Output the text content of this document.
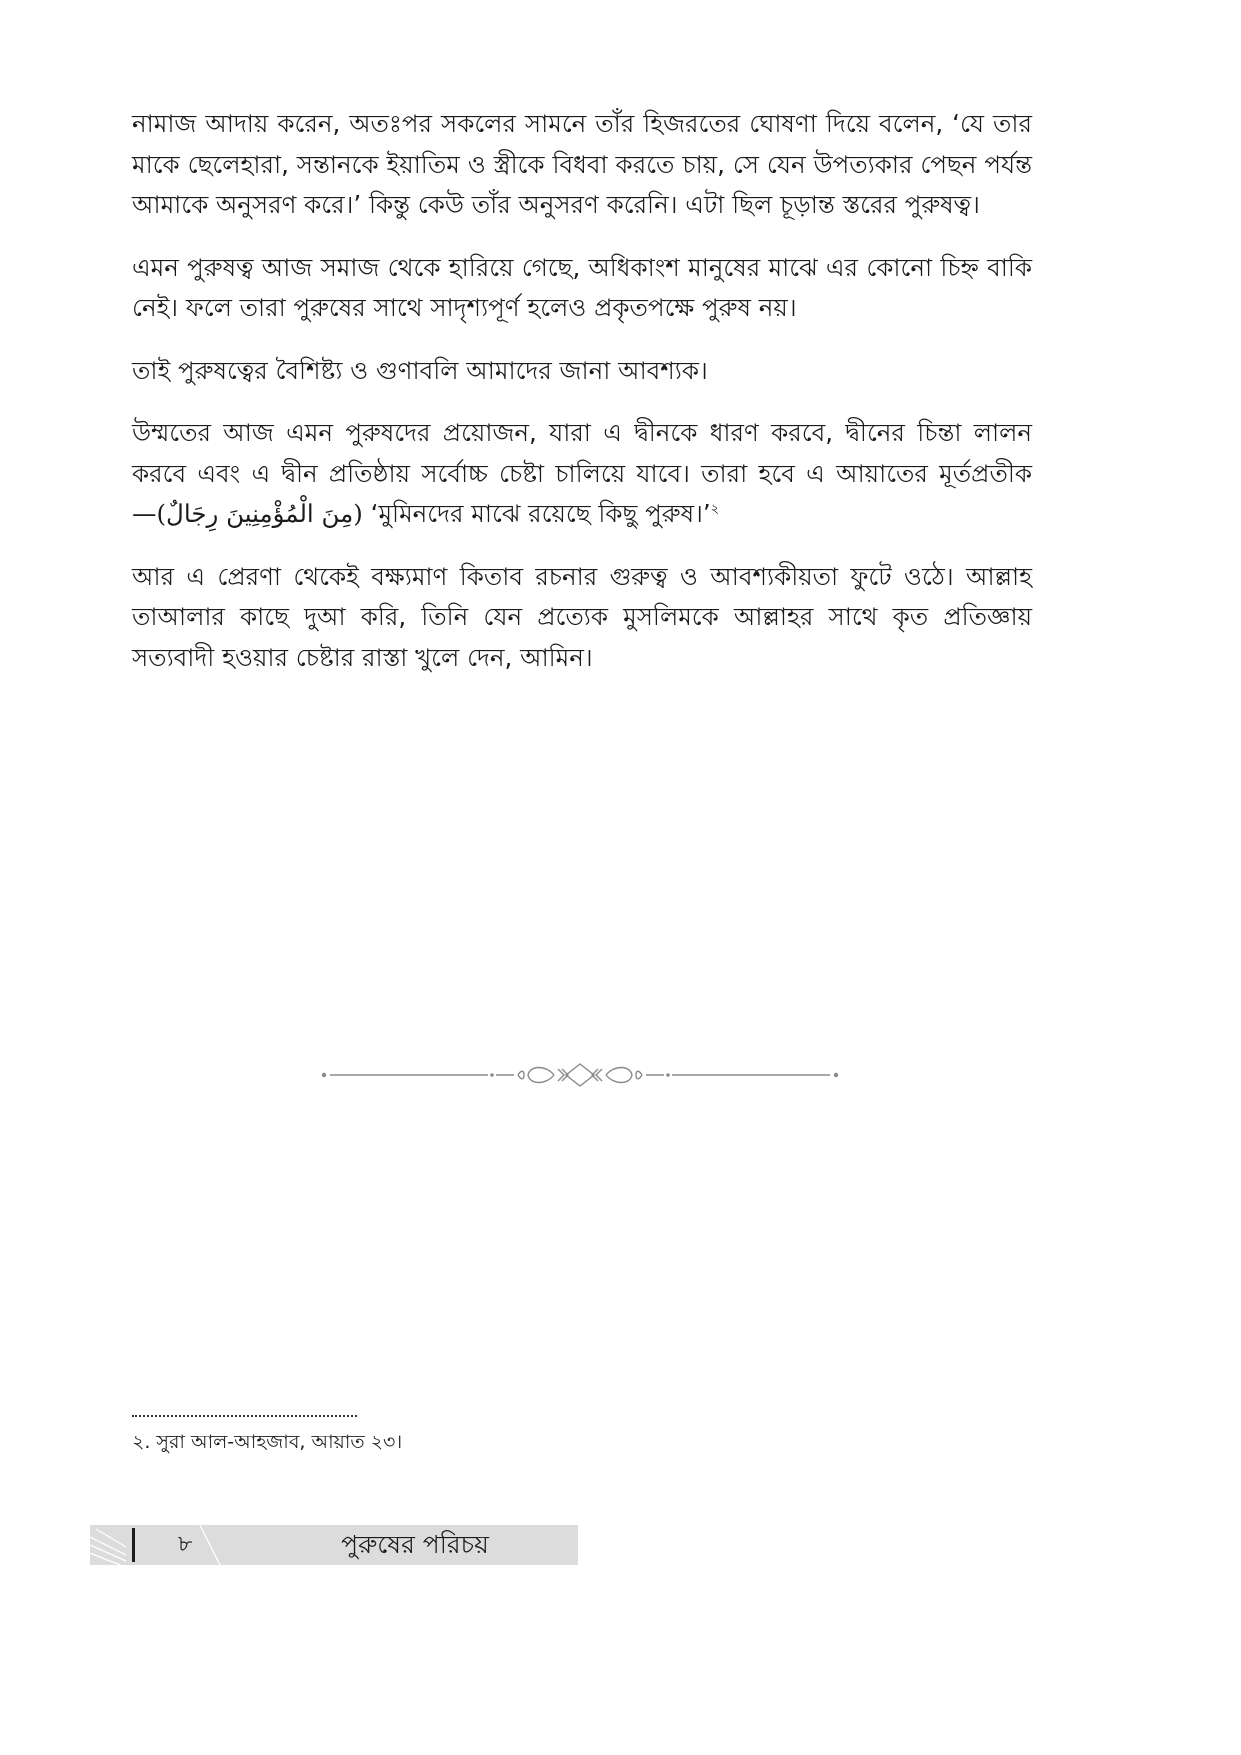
নামাজ আদায় করেন, অতঃপর সকলের সামনে তাঁর হিজরতের ঘোষণা দিয়ে বলেন, ‘যে তার মাকে ছেলেহারা, সন্তানকে ইয়াতিম ও স্ত্রীকে বিধবা করতে চায়, সে যেন উপত্যকার পেছন পর্যন্ত আমাকে অনুসরণ করে।’ কিন্তু কেউ তাঁর অনুসরণ করেনি। এটা ছিল চূড়ান্ত স্তরের পুরুষত্ব।

এমন পুরুষত্ব আজ সমাজ থেকে হারিয়ে গেছে, অধিকাংশ মানুষের মাঝে এর কোনো চিহ্ন বাকি নেই। ফলে তারা পুরুষের সাথে সাদৃশ্যপূর্ণ হলেও প্রকৃতপক্ষে পুরুষ নয়।

তাই পুরুষত্বের বৈশিষ্ট্য ও গুণাবলি আমাদের জানা আবশ্যক।

উম্মতের আজ এমন পুরুষদের প্রয়োজন, যারা এ দ্বীনকে ধারণ করবে, দ্বীনের চিন্তা লালন করবে এবং এ দ্বীন প্রতিষ্ঠায় সর্বোচ্চ চেষ্টা চালিয়ে যাবে। তারা হবে এ আয়াতের মূর্তপ্রতীক—(مِنَ الْمُؤْمِنِينَ رِجَالٌ) ‘মুমিনদের মাঝে রয়েছে কিছু পুরুষ।’$^২$

আর এ প্রেরণা থেকেই বক্ষ্যমাণ কিতাব রচনার গুরুত্ব ও আবশ্যকীয়তা ফুটে ওঠে। আল্লাহ তাআলার কাছে দুআ করি, তিনি যেন প্রত্যেক মুসলিমকে আল্লাহর সাথে কৃত প্রতিজ্ঞায় সত্যবাদী হওয়ার চেষ্টার রাস্তা খুলে দেন, আমিন।

২. সুরা আল-আহজাব, আয়াত ২৩।
৮	পুরুষের পরিচয়
